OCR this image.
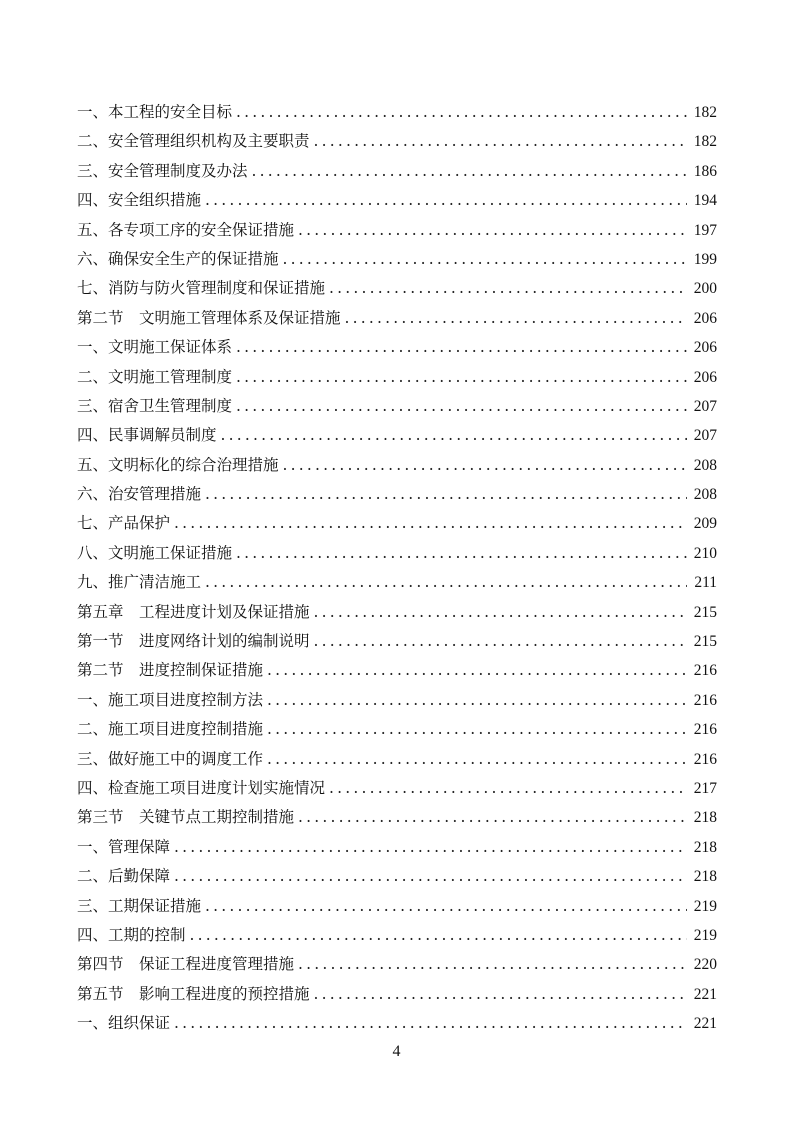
一、本工程的安全目标 .....	182
二、安全管理组织机构及主要职责 .....	182
三、安全管理制度及办法 .....	186
四、安全组织措施 .....	194
五、各专项工序的安全保证措施 .....	197
六、确保安全生产的保证措施 .....	199
七、消防与防火管理制度和保证措施 .....	200
第二节　文明施工管理体系及保证措施 .....	206
一、文明施工保证体系 .....	206
二、文明施工管理制度 .....	206
三、宿舍卫生管理制度 .....	207
四、民事调解员制度 .....	207
五、文明标化的综合治理措施 .....	208
六、治安管理措施 .....	208
七、产品保护 .....	209
八、文明施工保证措施 .....	210
九、推广清洁施工 .....	211
第五章　工程进度计划及保证措施 .....	215
第一节　进度网络计划的编制说明 .....	215
第二节　进度控制保证措施 .....	216
一、施工项目进度控制方法 .....	216
二、施工项目进度控制措施 .....	216
三、做好施工中的调度工作 .....	216
四、检查施工项目进度计划实施情况 .....	217
第三节　关键节点工期控制措施 .....	218
一、管理保障 .....	218
二、后勤保障 .....	218
三、工期保证措施 .....	219
四、工期的控制 .....	219
第四节　保证工程进度管理措施 .....	220
第五节　影响工程进度的预控措施 .....	221
一、组织保证 .....	221
4
